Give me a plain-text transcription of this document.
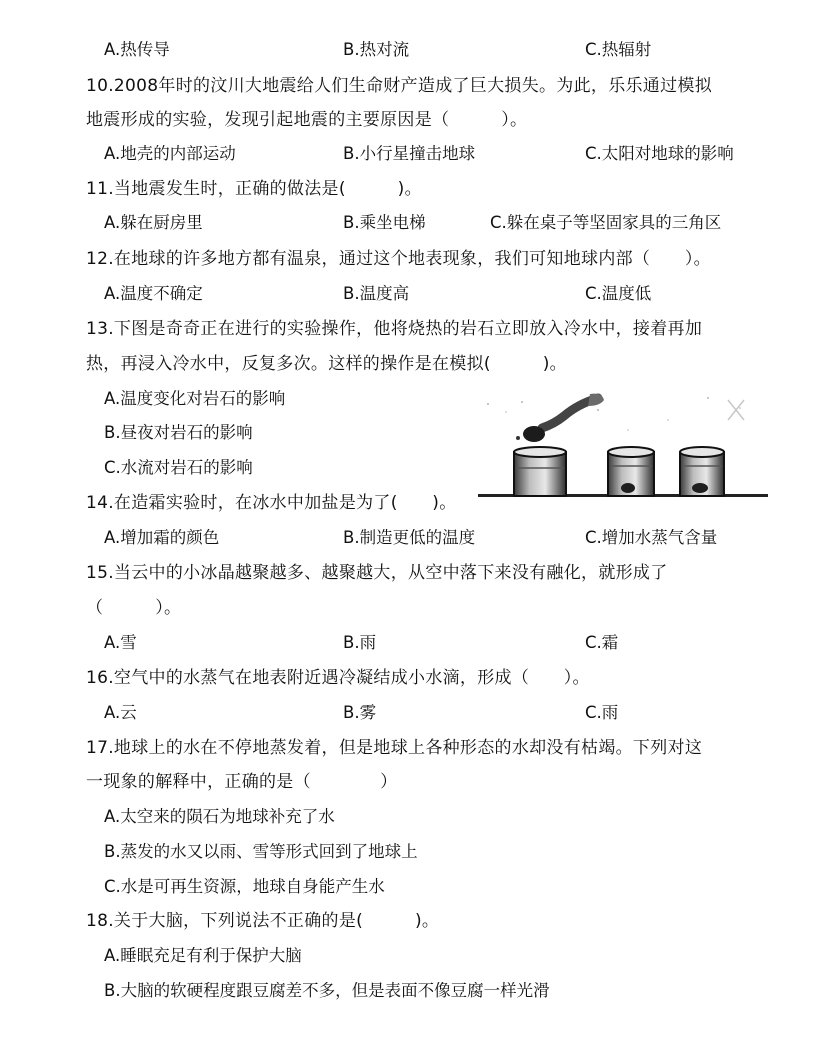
A.热传导	B.热对流	C.热辐射
10.2008年时的汶川大地震给人们生命财产造成了巨大损失。为此，乐乐通过模拟
地震形成的实验，发现引起地震的主要原因是（　　　）。
A.地壳的内部运动	B.小行星撞击地球	C.太阳对地球的影响
11.当地震发生时，正确的做法是(　　　)。
A.躲在厨房里	B.乘坐电梯	C.躲在桌子等坚固家具的三角区
12.在地球的许多地方都有温泉，通过这个地表现象，我们可知地球内部（　　）。
A.温度不确定	B.温度高	C.温度低
13.下图是奇奇正在进行的实验操作，他将烧热的岩石立即放入冷水中，接着再加
热，再浸入冷水中，反复多次。这样的操作是在模拟(　　　)。
A.温度变化对岩石的影响
B.昼夜对岩石的影响
C.水流对岩石的影响
14.在造霜实验时，在冰水中加盐是为了(　　)。
A.增加霜的颜色	B.制造更低的温度	C.增加水蒸气含量
15.当云中的小冰晶越聚越多、越聚越大，从空中落下来没有融化，就形成了
（　　　）。
A.雪	B.雨	C.霜
16.空气中的水蒸气在地表附近遇冷凝结成小水滴，形成（　　）。
A.云	B.雾	C.雨
17.地球上的水在不停地蒸发着，但是地球上各种形态的水却没有枯竭。下列对这
一现象的解释中，正确的是（　　　　）
A.太空来的陨石为地球补充了水
B.蒸发的水又以雨、雪等形式回到了地球上
C.水是可再生资源，地球自身能产生水
18.关于大脑，下列说法不正确的是(　　　)。
A.睡眠充足有利于保护大脑
B.大脑的软硬程度跟豆腐差不多，但是表面不像豆腐一样光滑
